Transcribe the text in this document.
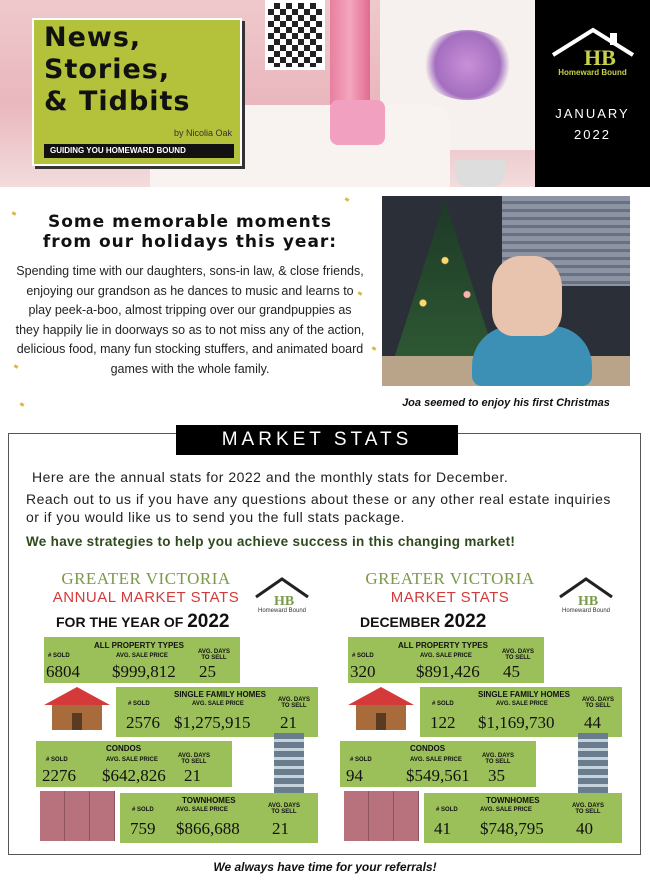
News,
Stories,
& Tidbits
by Nicolia Oak
GUIDING YOU HOMEWARD BOUND
HB
Homeward Bound
JANUARY
2022
Some memorable moments
from our holidays this year:
Spending time with our daughters, sons-in law, & close friends, enjoying our grandson as he dances to music and learns to play peek-a-boo, almost tripping over our grandpuppies as they happily lie in doorways so as to not miss any of the action, delicious food, many fun stocking stuffers, and animated board games with the whole family.
Joa seemed to enjoy his first Christmas
MARKET STATS
Here are the annual stats for 2022 and the monthly stats for December.
Reach out to us if you have any questions about these or any other real estate inquiries or if you would like us to send you the full stats package.
We have strategies to help you achieve success in this changing market!
GREATER VICTORIA
ANNUAL MARKET STATS
FOR THE YEAR OF 2022
HB
Homeward Bound
ALL PROPERTY TYPES
# SOLD	AVG. SALE PRICE
AVG. DAYS TO SELL
6804 $999,812 25
SINGLE FAMILY HOMES
# SOLD	AVG. SALE PRICE
AVG. DAYS TO SELL
2576 $1,275,915 21
CONDOS
# SOLD	AVG. SALE PRICE
AVG. DAYS TO SELL
2276 $642,826 21
TOWNHOMES
# SOLD	AVG. SALE PRICE
AVG. DAYS TO SELL
759 $866,688 21
GREATER VICTORIA
MARKET STATS
DECEMBER 2022
HB
Homeward Bound
ALL PROPERTY TYPES
# SOLD	AVG. SALE PRICE
AVG. DAYS TO SELL
320 $891,426 45
SINGLE FAMILY HOMES
# SOLD	AVG. SALE PRICE
AVG. DAYS TO SELL
122 $1,169,730 44
CONDOS
# SOLD	AVG. SALE PRICE
AVG. DAYS TO SELL
94	$549,561 35
TOWNHOMES
# SOLD	AVG. SALE PRICE
AVG. DAYS TO SELL
41 $748,795 40
We always have time for your referrals!
